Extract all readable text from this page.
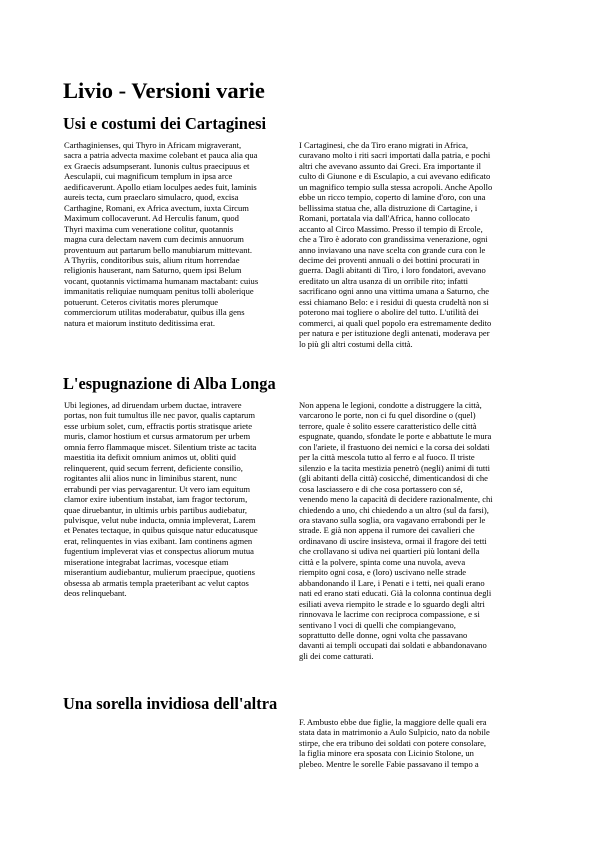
Livio - Versioni varie
Usi e costumi dei Cartaginesi

Carthaginienses, qui Thyro in Africam migraverant,
sacra a patria advecta maxime colebant et pauca alia qua
ex Graecis adsumpserant. Iunonis cultus praecipuus et
Aesculapii, cui magnificum templum in ipsa arce
aedificaverunt. Apollo etiam loculpes aedes fuit, laminis
aureis tecta, cum praeclaro simulacro, quod, excisa
Carthagine, Romani, ex Africa avectum, iuxta Circum
Maximum collocaverunt. Ad Herculis fanum, quod
Thyri maxima cum veneratione colitur, quotannis
magna cura delectam navem cum decimis annuorum
proventuum aut partarum bello manubiarum mittevant.
A Thyriis, conditoribus suis, alium ritum horrendae
religionis hauserant, nam Saturno, quem ipsi Belum
vocant, quotannis victimama humanam mactabant: cuius
immanitatis reliquiae numquam penitus tolli abolerique
potuerunt. Ceteros civitatis mores plerumque
commerciorum utilitas moderabatur, quibus illa gens
natura et maiorum instituto deditissima erat.

I Cartaginesi, che da Tiro erano migrati in Africa,
curavano molto i riti sacri importati dalla patria, e pochi
altri che avevano assunto dai Greci. Era importante il
culto di Giunone e di Esculapio, a cui avevano edificato
un magnifico tempio sulla stessa acropoli. Anche Apollo
ebbe un ricco tempio, coperto di lamine d'oro, con una
bellissima statua che, alla distruzione di Cartagine, i
Romani, portatala via dall'Africa, hanno collocato
accanto al Circo Massimo. Presso il tempio di Ercole,
che a Tiro è adorato con grandissima venerazione, ogni
anno inviavano una nave scelta con grande cura con le
decime dei proventi annuali o dei bottini procurati in
guerra. Dagli abitanti di Tiro, i loro fondatori, avevano
ereditato un altra usanza di un orribile rito; infatti
sacrificano ogni anno una vittima umana a Saturno, che
essi chiamano Belo: e i residui di questa crudeltà non si
poterono mai togliere o abolire del tutto. L'utilità dei
commerci, ai quali quel popolo era estremamente dedito
per natura e per istituzione degli antenati, moderava per
lo più gli altri costumi della città.

L'espugnazione di Alba Longa

Ubi legiones, ad diruendam urbem ductae, intravere
portas, non fuit tumultus ille nec pavor, qualis captarum
esse urbium solet, cum, effractis portis stratisque ariete
muris, clamor hostium et cursus armatorum per urbem
omnia ferro flammaque miscet. Silentium triste ac tacita
maestitia ita defixit omnium animos ut, obliti quid
relinquerent, quid secum ferrent, deficiente consilio,
rogitantes alii alios nunc in liminibus starent, nunc
errabundi per vias pervagarentur. Ut vero iam equitum
clamor exire iubentium instabat, iam fragor tectorum,
quae diruebantur, in ultimis urbis partibus audiebatur,
pulvisque, velut nube inducta, omnia impleverat, Larem
et Penates tectaque, in quibus quisque natur educatusque
erat, relinquentes in vias exibant. Iam continens agmen
fugentium impleverat vias et conspectus aliorum mutua
miseratione integrabat lacrimas, vocesque etiam
miserantium audiebantur, mulierum praecipue, quotiens
obsessa ab armatis templa praeteribant ac velut captos
deos relinquebant.

Non appena le legioni, condotte a distruggere la città,
varcarono le porte, non ci fu quel disordine o (quel)
terrore, quale è solito essere caratteristico delle città
espugnate, quando, sfondate le porte e abbattute le mura
con l'ariete, il frastuono dei nemici e la corsa dei soldati
per la città mescola tutto al ferro e al fuoco. Il triste
silenzio e la tacita mestizia penetrò (negli) animi di tutti
(gli abitanti della città) cosicché, dimenticandosi di che
cosa lasciassero e di che cosa portassero con sé,
venendo meno la capacità di decidere razionalmente, chi
chiedendo a uno, chi chiedendo a un altro (sul da farsi),
ora stavano sulla soglia, ora vagavano errabondi per le
strade. E già non appena il rumore dei cavalieri che
ordinavano di uscire insisteva, ormai il fragore dei tetti
che crollavano si udiva nei quartieri più lontani della
città e la polvere, spinta come una nuvola, aveva
riempito ogni cosa, e (loro) uscivano nelle strade
abbandonando il Lare, i Penati e i tetti, nei quali erano
nati ed erano stati educati. Già la colonna continua degli
esiliati aveva riempito le strade e lo sguardo degli altri
rinnovava le lacrime con reciproca compassione, e si
sentivano l voci di quelli che compiangevano,
soprattutto delle donne, ogni volta che passavano
davanti ai templi occupati dai soldati e abbandonavano
gli dei come catturati.

Una sorella invidiosa dell'altra

F. Ambusto ebbe due figlie, la maggiore delle quali era
stata data in matrimonio a Aulo Sulpicio, nato da nobile
stirpe, che era tribuno dei soldati con potere consolare,
la figlia minore era sposata con Licinio Stolone, un
plebeo. Mentre le sorelle Fabie passavano il tempo a
